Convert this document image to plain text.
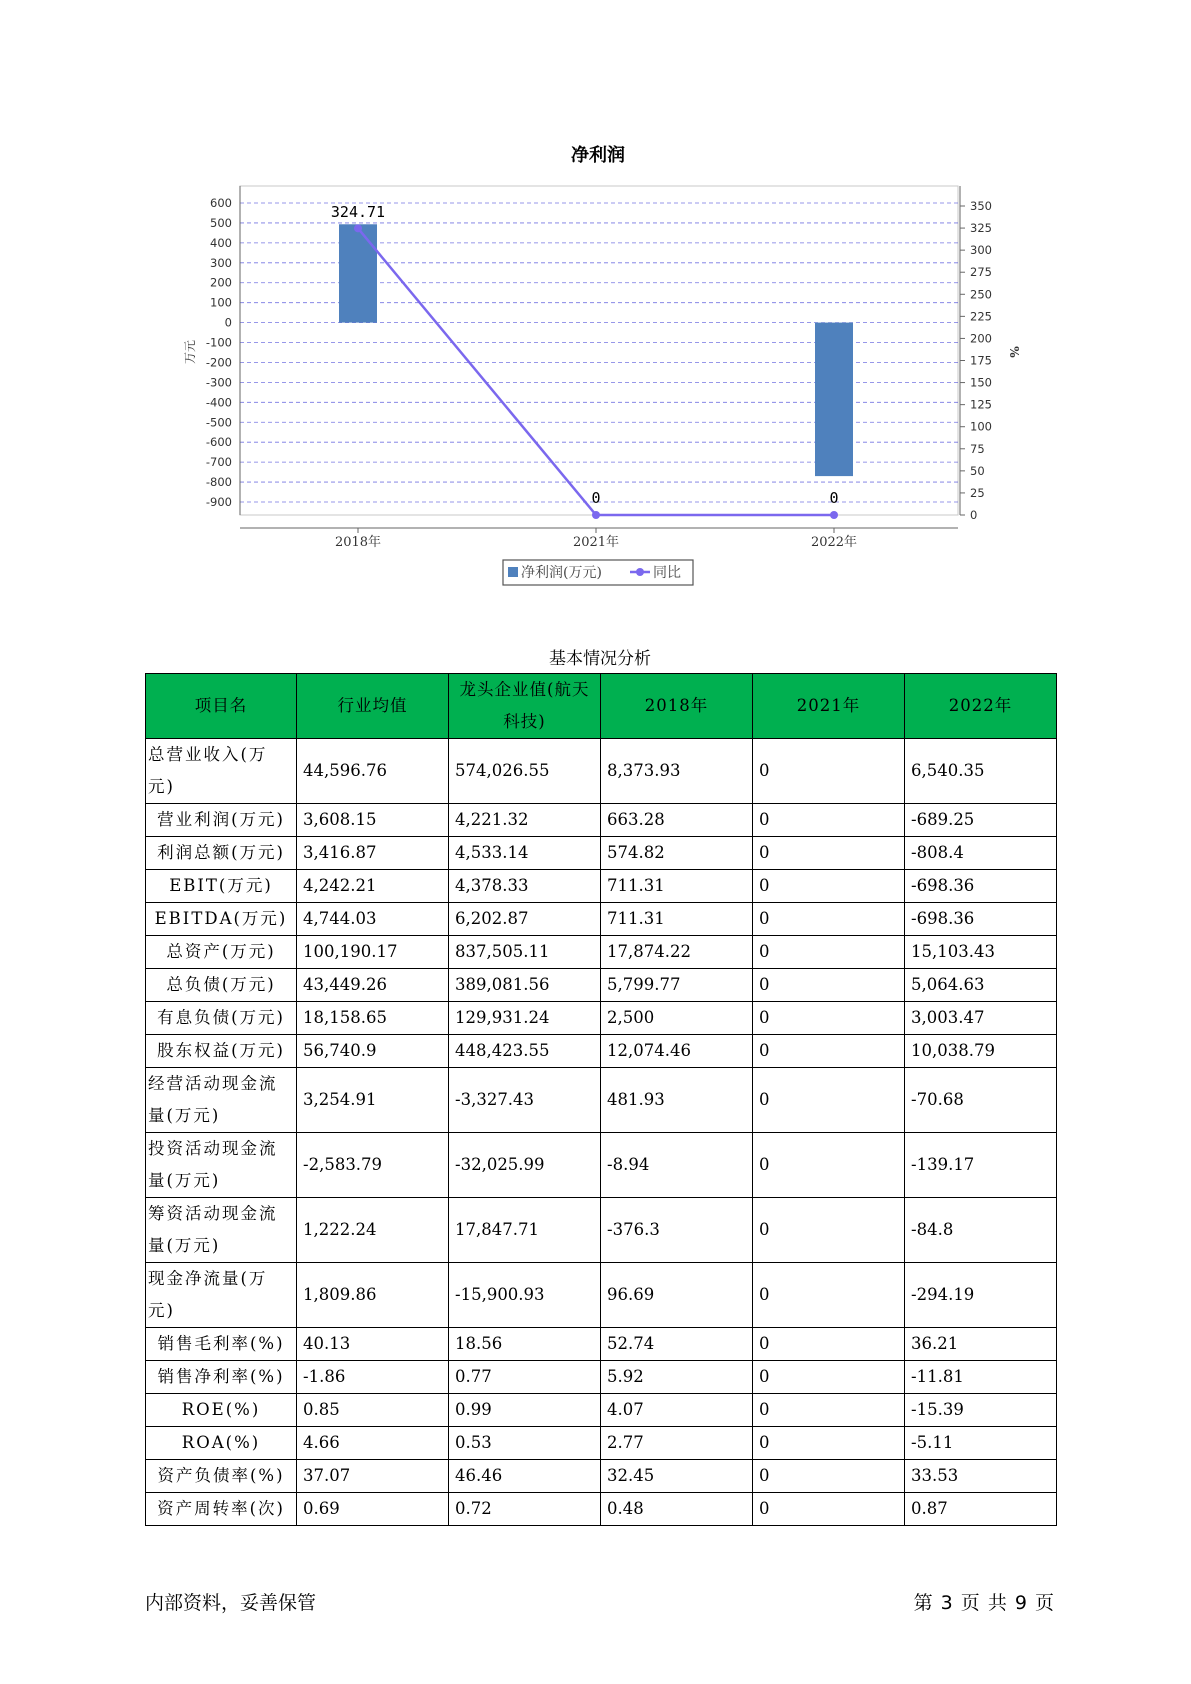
净利润
600
500
400
300
200
100
0
-100
-200
-300
-400
-500
-600
-700
-800
-900
350
325
300
275
250
225
200
175
150
125
100
75
50
25
0
2018年	2021年	2022年
万元	%
324.71
0	0
净利润(万元)	同比
基本情况分析
项目名	行业均值	龙头企业值(航天科技)	2018年	2021年	2022年
总营业收入(万元)	44,596.76	574,026.55	8,373.93	0	6,540.35
营业利润(万元)	3,608.15	4,221.32	663.28	0	-689.25
利润总额(万元)	3,416.87	4,533.14	574.82	0	-808.4
EBIT(万元)	4,242.21	4,378.33	711.31	0	-698.36
EBITDA(万元)	4,744.03	6,202.87	711.31	0	-698.36
总资产(万元)	100,190.17	837,505.11	17,874.22	0	15,103.43
总负债(万元)	43,449.26	389,081.56	5,799.77	0	5,064.63
有息负债(万元)	18,158.65	129,931.24	2,500	0	3,003.47
股东权益(万元)	56,740.9	448,423.55	12,074.46	0	10,038.79
经营活动现金流量(万元)	3,254.91	-3,327.43	481.93	0	-70.68
投资活动现金流量(万元)	-2,583.79	-32,025.99	-8.94	0	-139.17
筹资活动现金流量(万元)	1,222.24	17,847.71	-376.3	0	-84.8
现金净流量(万元)	1,809.86	-15,900.93	96.69	0	-294.19
销售毛利率(%)	40.13	18.56	52.74	0	36.21
销售净利率(%)	-1.86	0.77	5.92	0	-11.81
ROE(%)	0.85	0.99	4.07	0	-15.39
ROA(%)	4.66	0.53	2.77	0	-5.11
资产负债率(%)	37.07	46.46	32.45	0	33.53
资产周转率(次)	0.69	0.72	0.48	0	0.87
内部资料，妥善保管	第 3 页 共 9 页
